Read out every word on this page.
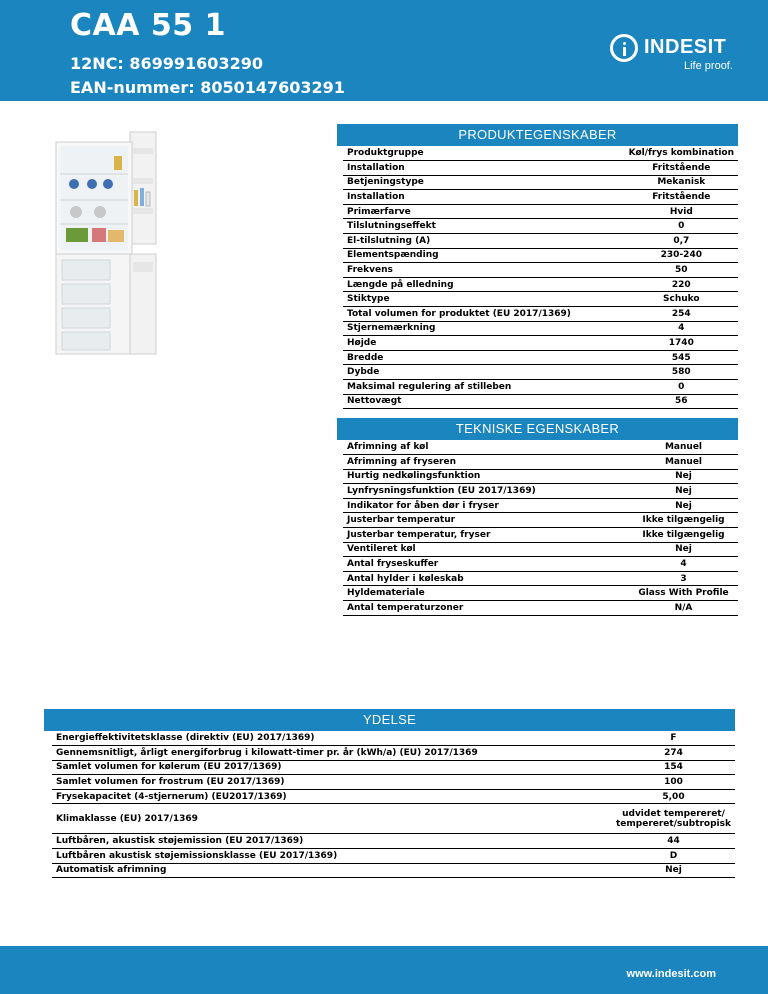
CAA 55 1
12NC: 869991603290
EAN-nummer: 8050147603291
INDESIT
Life proof.
PRODUKTEGENSKABER
Produktgruppe	Køl/frys kombination
Installation	Fritstående
Betjeningstype	Mekanisk
Installation	Fritstående
Primærfarve	Hvid
Tilslutningseffekt	0
El-tilslutning (A)	0,7
Elementspænding	230-240
Frekvens	50
Længde på elledning	220
Stiktype	Schuko
Total volumen for produktet (EU 2017/1369)	254
Stjernemærkning	4
Højde	1740
Bredde	545
Dybde	580
Maksimal regulering af stilleben	0
Nettovægt	56
TEKNISKE EGENSKABER
Afrimning af køl	Manuel
Afrimning af fryseren	Manuel
Hurtig nedkølingsfunktion	Nej
Lynfrysningsfunktion (EU 2017/1369)	Nej
Indikator for åben dør i fryser	Nej
Justerbar temperatur	Ikke tilgængelig
Justerbar temperatur, fryser	Ikke tilgængelig
Ventileret køl	Nej
Antal fryseskuffer	4
Antal hylder i køleskab	3
Hyldemateriale	Glass With Profile
Antal temperaturzoner	N/A
YDELSE
Energieffektivitetsklasse (direktiv (EU) 2017/1369)	F
Gennemsnitligt, årligt energiforbrug i kilowatt-timer pr. år (kWh/a) (EU) 2017/1369	274
Samlet volumen for kølerum (EU 2017/1369)	154
Samlet volumen for frostrum (EU 2017/1369)	100
Frysekapacitet (4-stjernerum) (EU2017/1369)	5,00
Klimaklasse (EU) 2017/1369	udvidet tempereret/
tempereret/subtropisk

Luftbåren, akustisk støjemission (EU 2017/1369)	44
Luftbåren akustisk støjemissionsklasse (EU 2017/1369)	D
Automatisk afrimning	Nej
www.indesit.com
